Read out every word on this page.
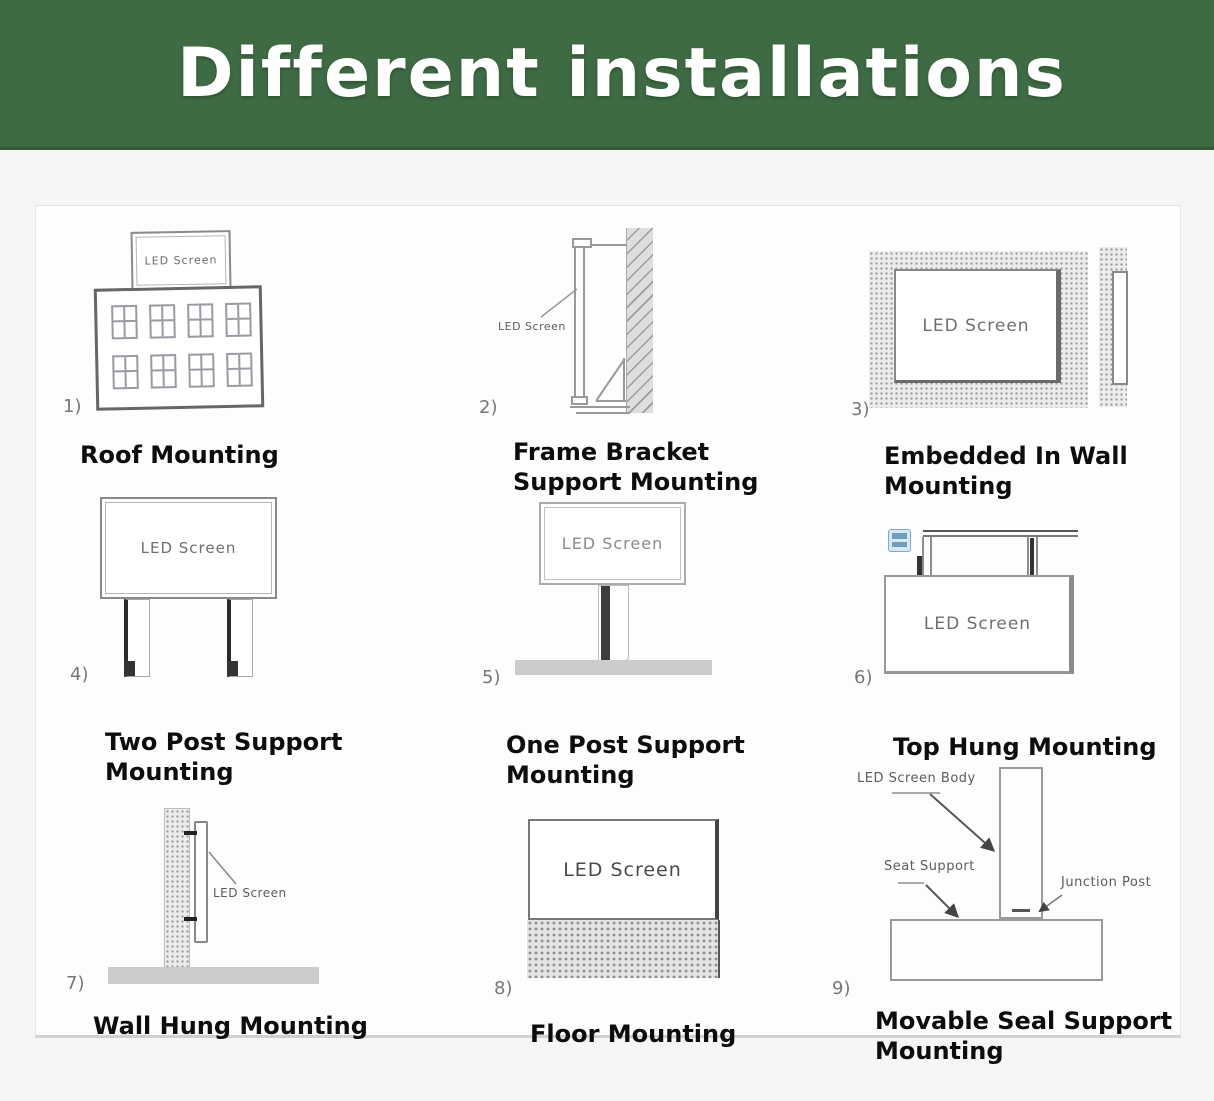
Different installations
LED Screen
1)
Roof Mounting
LED Screen
2)
Frame Bracket
Support Mounting
LED Screen
3)
Embedded In Wall
Mounting
LED Screen
4)
Two Post Support
Mounting
LED Screen
5)
One Post Support
Mounting
LED Screen
6)
Top Hung Mounting
LED Screen
7)
Wall Hung Mounting
LED Screen
8)
Floor Mounting
LED Screen Body
Seat Support
Junction Post
9)
Movable Seal Support
Mounting
